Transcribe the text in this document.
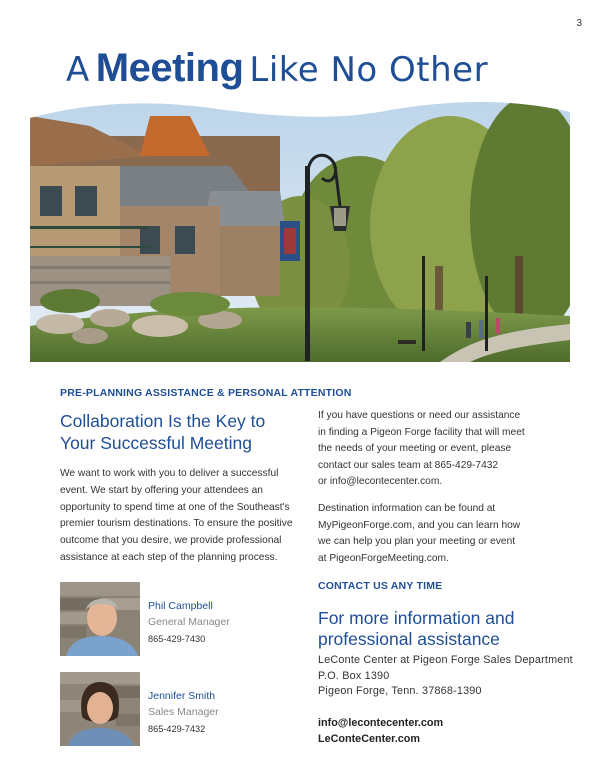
3
A Meeting Like No Other
PRE-PLANNING ASSISTANCE & PERSONAL ATTENTION
Collaboration Is the Key to
Your Successful Meeting
We want to work with you to deliver a successful
event. We start by offering your attendees an
opportunity to spend time at one of the Southeast's
premier tourism destinations. To ensure the positive
outcome that you desire, we provide professional
assistance at each step of the planning process.
If you have questions or need our assistance
in finding a Pigeon Forge facility that will meet
the needs of your meeting or event, please
contact our sales team at 865-429-7432
or info@lecontecenter.com.
Destination information can be found at
MyPigeonForge.com, and you can learn how
we can help you plan your meeting or event
at PigeonForgeMeeting.com.
Phil Campbell
General Manager
865-429-7430
Jennifer Smith
Sales Manager
865-429-7432
CONTACT US ANY TIME
For more information and
professional assistance
LeConte Center at Pigeon Forge Sales Department
P.O. Box 1390
Pigeon Forge, Tenn. 37868-1390
info@lecontecenter.com
LeConteCenter.com
